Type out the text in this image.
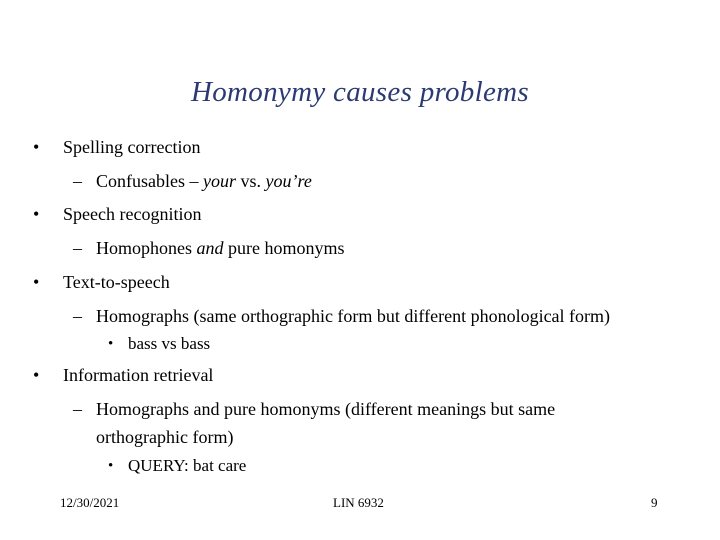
Homonymy causes problems
• Spelling correction
– Confusables – your vs. you’re
• Speech recognition
– Homophones and pure homonyms
• Text-to-speech
– Homographs (same orthographic form but different phonological form)
• bass vs bass
• Information retrieval
– Homographs and pure homonyms (different meanings but same
orthographic form)
• QUERY: bat care
12/30/2021	LIN 6932	9
